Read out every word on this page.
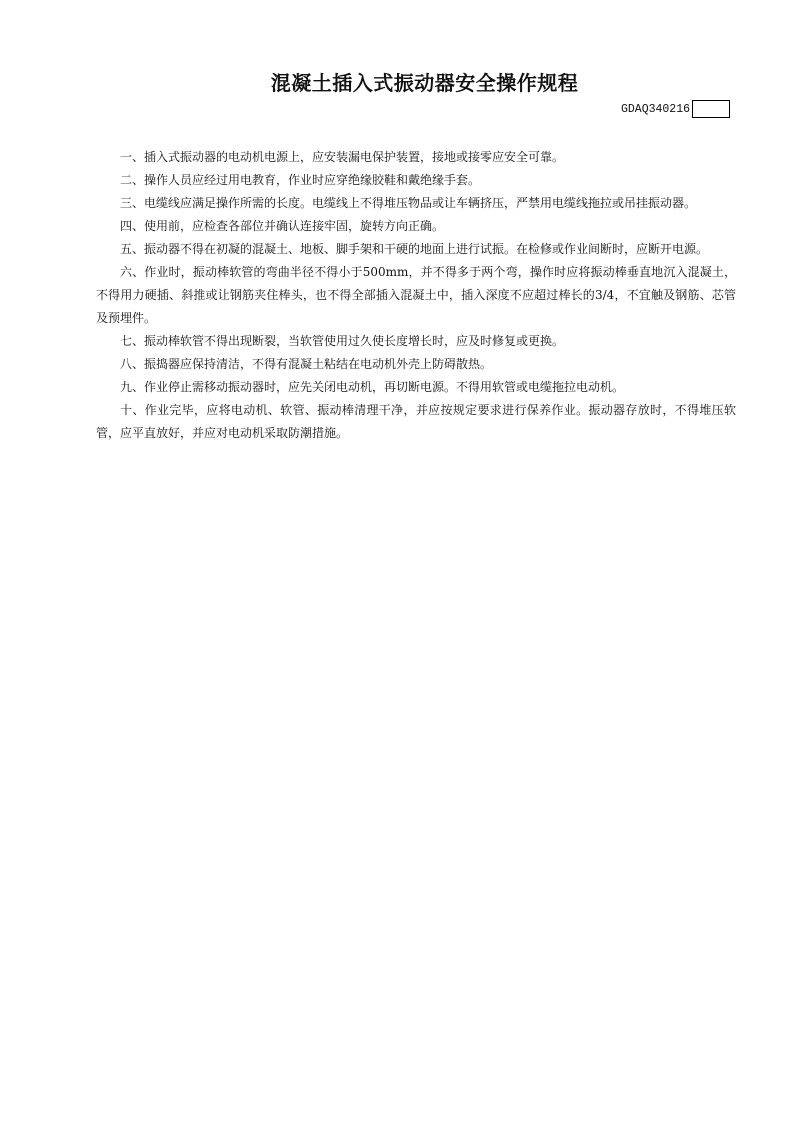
混凝土插入式振动器安全操作规程
GDAQ340216

一、插入式振动器的电动机电源上，应安装漏电保护装置，接地或接零应安全可靠。

二、操作人员应经过用电教育，作业时应穿绝缘胶鞋和戴绝缘手套。

三、电缆线应满足操作所需的长度。电缆线上不得堆压物品或让车辆挤压，严禁用电缆线拖拉或吊挂振动器。

四、使用前，应检查各部位并确认连接牢固，旋转方向正确。

五、振动器不得在初凝的混凝土、地板、脚手架和干硬的地面上进行试振。在检修或作业间断时，应断开电源。

六、作业时，振动棒软管的弯曲半径不得小于500mm，并不得多于两个弯，操作时应将振动棒垂直地沉入混凝土，不得用力硬插、斜推或让钢筋夹住棒头，也不得全部插入混凝土中，插入深度不应超过棒长的3/4，不宜触及钢筋、芯管及预埋件。

七、振动棒软管不得出现断裂，当软管使用过久使长度增长时，应及时修复或更换。

八、振捣器应保持清洁，不得有混凝土粘结在电动机外壳上防碍散热。

九、作业停止需移动振动器时，应先关闭电动机，再切断电源。不得用软管或电缆拖拉电动机。

十、作业完毕，应将电动机、软管、振动棒清理干净，并应按规定要求进行保养作业。振动器存放时，不得堆压软管，应平直放好，并应对电动机采取防潮措施。
